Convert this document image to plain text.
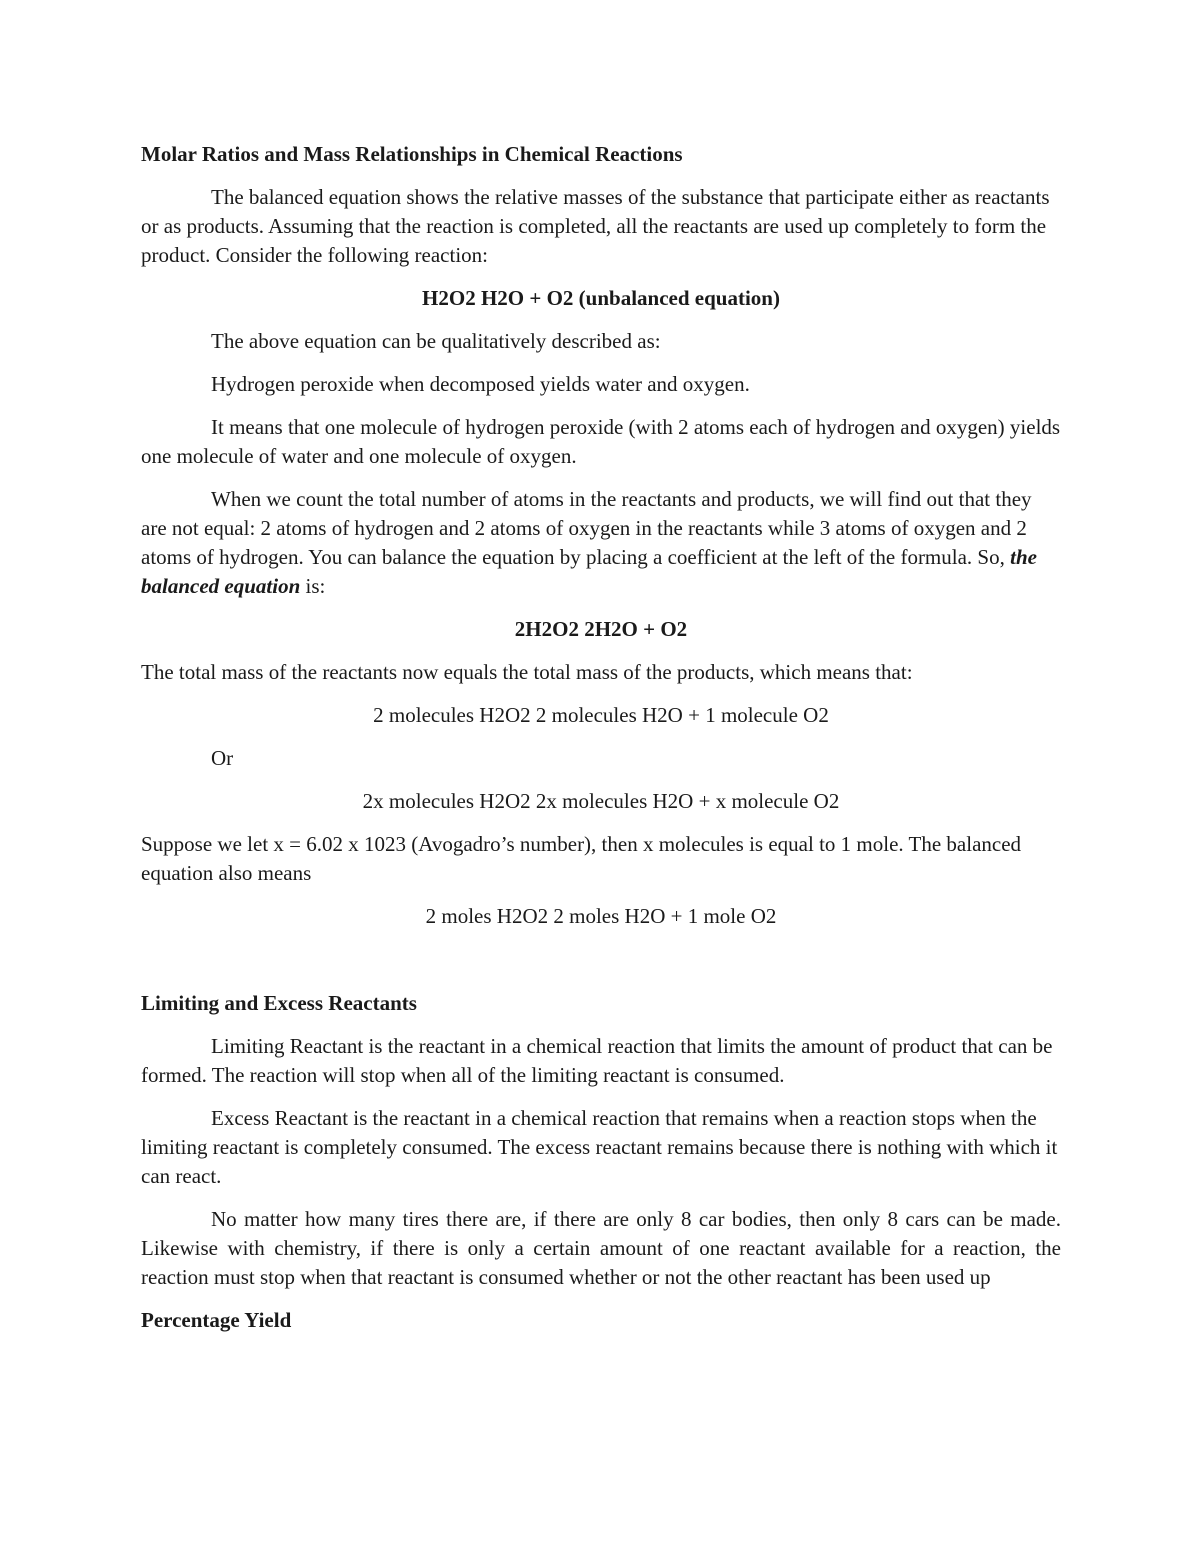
Molar Ratios and Mass Relationships in Chemical Reactions

The balanced equation shows the relative masses of the substance that participate either as reactants or as products. Assuming that the reaction is completed, all the reactants are used up completely to form the product. Consider the following reaction:

H2O2 H2O + O2 (unbalanced equation)

The above equation can be qualitatively described as:

Hydrogen peroxide when decomposed yields water and oxygen.

It means that one molecule of hydrogen peroxide (with 2 atoms each of hydrogen and oxygen) yields one molecule of water and one molecule of oxygen.

When we count the total number of atoms in the reactants and products, we will find out that they are not equal: 2 atoms of hydrogen and 2 atoms of oxygen in the reactants while 3 atoms of oxygen and 2 atoms of hydrogen. You can balance the equation by placing a coefficient at the left of the formula. So, the balanced equation is:

2H2O2 2H2O + O2

The total mass of the reactants now equals the total mass of the products, which means that:

2 molecules H2O2 2 molecules H2O + 1 molecule O2

Or

2x molecules H2O2 2x molecules H2O + x molecule O2

Suppose we let x = 6.02 x 1023 (Avogadro’s number), then x molecules is equal to 1 mole. The balanced equation also means

2 moles H2O2 2 moles H2O + 1 mole O2

Limiting and Excess Reactants

Limiting Reactant is the reactant in a chemical reaction that limits the amount of product that can be formed. The reaction will stop when all of the limiting reactant is consumed.

Excess Reactant is the reactant in a chemical reaction that remains when a reaction stops when the limiting reactant is completely consumed. The excess reactant remains because there is nothing with which it can react.

No matter how many tires there are, if there are only 8 car bodies, then only 8 cars can be made. Likewise with chemistry, if there is only a certain amount of one reactant available for a reaction, the reaction must stop when that reactant is consumed whether or not the other reactant has been used up

Percentage Yield
